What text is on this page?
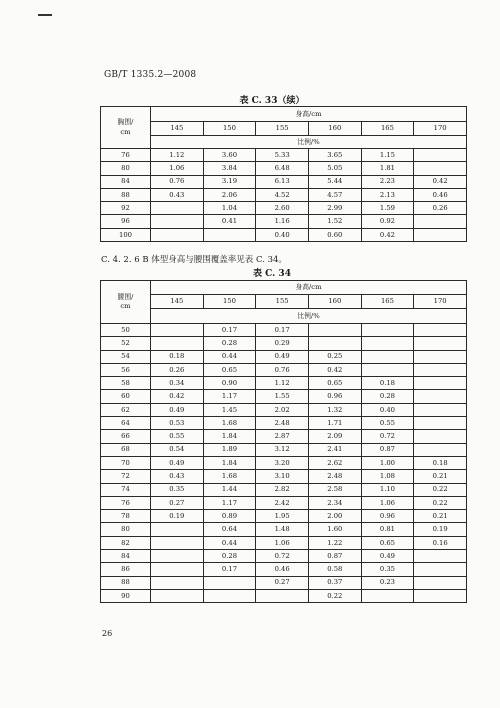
GB/T 1335.2—2008
表 C. 33（续）
胸围/
cm	身高/cm					
	145	150	155	160	165	170
	比例/%					
76	1.12	3.60	5.33	3.65	1.15	
80	1.06	3.84	6.48	5.05	1.81	
84	0.76	3.19	6.13	5.44	2.23	0.42
88	0.43	2.06	4.52	4.57	2.13	0.46
92		1.04	2.60	2.99	1.59	0.26
96		0.41	1.16	1.52	0.92	
100			0.40	0.60	0.42	
C. 4. 2. 6 B 体型身高与腰围覆盖率见表 C. 34。
表 C. 34
腰围/
cm	身高/cm					
	145	150	155	160	165	170
	比例/%					
50		0.17	0.17			
52		0.28	0.29			
54	0.18	0.44	0.49	0.25		
56	0.26	0.65	0.76	0.42		
58	0.34	0.90	1.12	0.65	0.18	
60	0.42	1.17	1.55	0.96	0.28	
62	0.49	1.45	2.02	1.32	0.40	
64	0.53	1.68	2.48	1.71	0.55	
66	0.55	1.84	2.87	2.09	0.72	
68	0.54	1.89	3.12	2.41	0.87	
70	0.49	1.84	3.20	2.62	1.00	0.18
72	0.43	1.68	3.10	2.48	1.08	0.21
74	0.35	1.44	2.82	2.58	1.10	0.22
76	0.27	1.17	2.42	2.34	1.06	0.22
78	0.19	0.89	1.95	2.00	0.96	0.21
80		0.64	1.48	1.60	0.81	0.19
82		0.44	1.06	1.22	0.65	0.16
84		0.28	0.72	0.87	0.49	
86		0.17	0.46	0.58	0.35	
88			0.27	0.37	0.23	
90				0.22		
26
